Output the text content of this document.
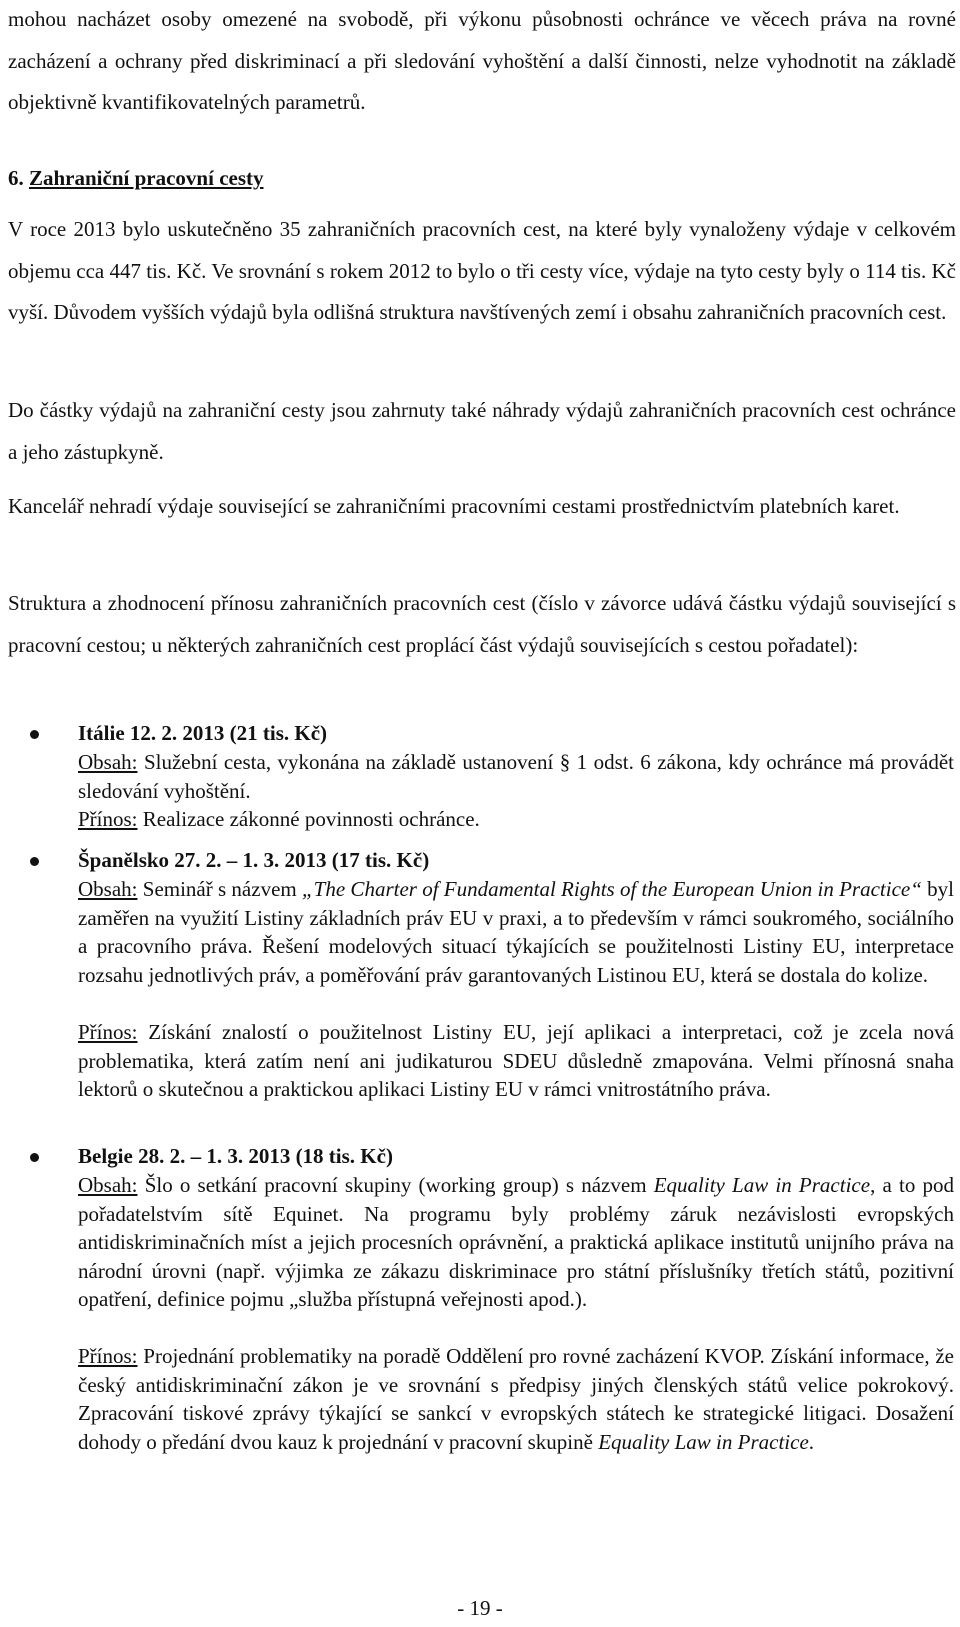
mohou nacházet osoby omezené na svobodě, při výkonu působnosti ochránce ve věcech práva na rovné zacházení a ochrany před diskriminací a při sledování vyhoštění a další činnosti, nelze vyhodnotit na základě objektivně kvantifikovatelných parametrů.

6. Zahraniční pracovní cesty

V roce 2013 bylo uskutečněno 35 zahraničních pracovních cest, na které byly vynaloženy výdaje v celkovém objemu cca 447 tis. Kč. Ve srovnání s rokem 2012 to bylo o tři cesty více, výdaje na tyto cesty byly o 114 tis. Kč vyší. Důvodem vyšších výdajů byla odlišná struktura navštívených zemí i obsahu zahraničních pracovních cest.

Do částky výdajů na zahraniční cesty jsou zahrnuty také náhrady výdajů zahraničních pracovních cest ochránce a jeho zástupkyně.

Kancelář nehradí výdaje související se zahraničními pracovními cestami prostřednictvím platebních karet.

Struktura a zhodnocení přínosu zahraničních pracovních cest (číslo v závorce udává částku výdajů související s pracovní cestou; u některých zahraničních cest proplácí část výdajů souvisejících s cestou pořadatel):

Itálie 12. 2. 2013 (21 tis. Kč)

Obsah: Služební cesta, vykonána na základě ustanovení § 1 odst. 6 zákona, kdy ochránce má provádět sledování vyhoštění.

Přínos: Realizace zákonné povinnosti ochránce.

Španělsko 27. 2. – 1. 3. 2013 (17 tis. Kč)

Obsah: Seminář s názvem „The Charter of Fundamental Rights of the European Union in Practice“ byl zaměřen na využití Listiny základních práv EU v praxi, a to především v rámci soukromého, sociálního a pracovního práva. Řešení modelových situací týkajících se použitelnosti Listiny EU, interpretace rozsahu jednotlivých práv, a poměřování práv garantovaných Listinou EU, která se dostala do kolize.

Přínos: Získání znalostí o použitelnost Listiny EU, její aplikaci a interpretaci, což je zcela nová problematika, která zatím není ani judikaturou SDEU důsledně zmapována. Velmi přínosná snaha lektorů o skutečnou a praktickou aplikaci Listiny EU v rámci vnitrostátního práva.

Belgie 28. 2. – 1. 3. 2013 (18 tis. Kč)

Obsah: Šlo o setkání pracovní skupiny (working group) s názvem Equality Law in Practice, a to pod pořadatelstvím sítě Equinet. Na programu byly problémy záruk nezávislosti evropských antidiskriminačních míst a jejich procesních oprávnění, a praktická aplikace institutů unijního práva na národní úrovni (např. výjimka ze zákazu diskriminace pro státní příslušníky třetích států, pozitivní opatření, definice pojmu „služba přístupná veřejnosti apod.).

Přínos: Projednání problematiky na poradě Oddělení pro rovné zacházení KVOP. Získání informace, že český antidiskriminační zákon je ve srovnání s předpisy jiných členských států velice pokrokový. Zpracování tiskové zprávy týkající se sankcí v evropských státech ke strategické litigaci. Dosažení dohody o předání dvou kauz k projednání v pracovní skupině Equality Law in Practice.

- 19 -
